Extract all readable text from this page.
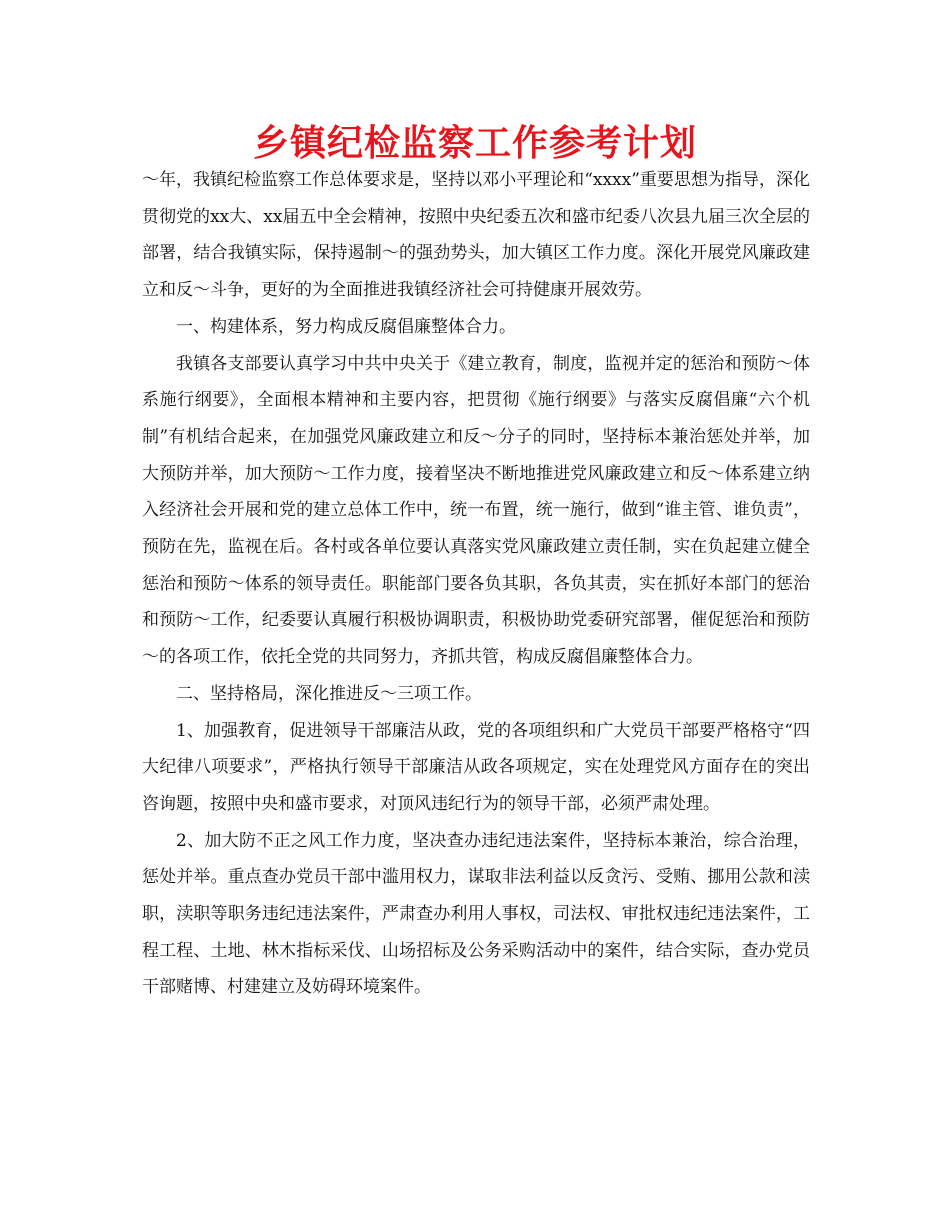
乡镇纪检监察工作参考计划

～年，我镇纪检监察工作总体要求是，坚持以邓小平理论和“xxxx”重要思想为指导，深化贯彻党的xx大、xx届五中全会精神，按照中央纪委五次和盛市纪委八次县九届三次全层的部署，结合我镇实际，保持遏制～的强劲势头，加大镇区工作力度。深化开展党风廉政建立和反～斗争，更好的为全面推进我镇经济社会可持健康开展效劳。

一、构建体系，努力构成反腐倡廉整体合力。

我镇各支部要认真学习中共中央关于《建立教育，制度，监视并定的惩治和预防～体系施行纲要》，全面根本精神和主要内容，把贯彻《施行纲要》与落实反腐倡廉“六个机制”有机结合起来，在加强党风廉政建立和反～分子的同时，坚持标本兼治惩处并举，加大预防并举，加大预防～工作力度，接着坚决不断地推进党风廉政建立和反～体系建立纳入经济社会开展和党的建立总体工作中，统一布置，统一施行，做到“谁主管、谁负责”，预防在先，监视在后。各村或各单位要认真落实党风廉政建立责任制，实在负起建立健全惩治和预防～体系的领导责任。职能部门要各负其职，各负其责，实在抓好本部门的惩治和预防～工作，纪委要认真履行积极协调职责，积极协助党委研究部署，催促惩治和预防～的各项工作，依托全党的共同努力，齐抓共管，构成反腐倡廉整体合力。

二、坚持格局，深化推进反～三项工作。

1、加强教育，促进领导干部廉洁从政，党的各项组织和广大党员干部要严格格守“四大纪律八项要求”，严格执行领导干部廉洁从政各项规定，实在处理党风方面存在的突出咨询题，按照中央和盛市要求，对顶风违纪行为的领导干部，必须严肃处理。

2、加大防不正之风工作力度，坚决查办违纪违法案件，坚持标本兼治，综合治理，惩处并举。重点查办党员干部中滥用权力，谋取非法利益以反贪污、受贿、挪用公款和渎职，渎职等职务违纪违法案件，严肃查办利用人事权，司法权、审批权违纪违法案件，工程工程、土地、林木指标采伐、山场招标及公务采购活动中的案件，结合实际，查办党员干部赌博、村建建立及妨碍环境案件。
